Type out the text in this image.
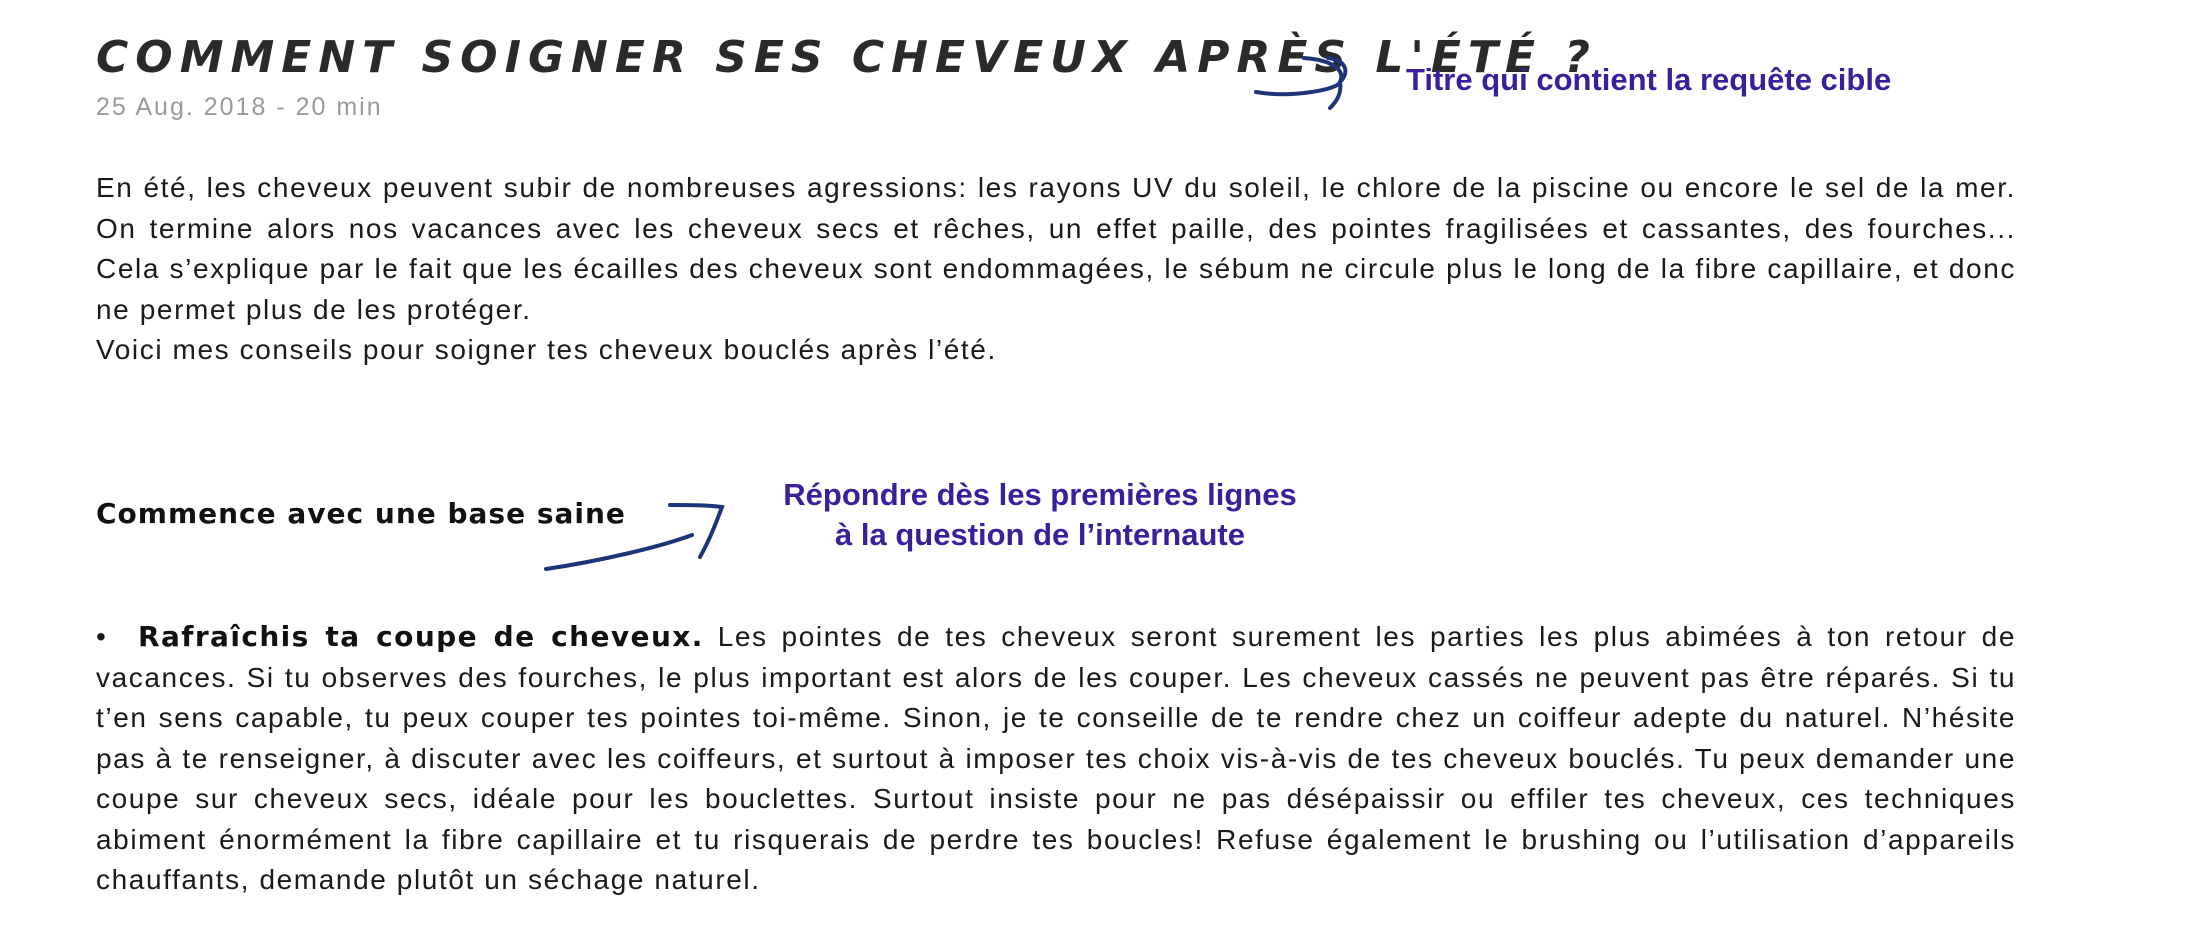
COMMENT SOIGNER SES CHEVEUX APRÈS L'ÉTÉ ?
25 Aug. 2018 - 20 min

En été, les cheveux peuvent subir de nombreuses agressions: les rayons UV du soleil, le chlore de la piscine ou encore le sel de la mer. On termine alors nos vacances avec les cheveux secs et rêches, un effet paille, des pointes fragilisées et cassantes, des fourches... Cela s’explique par le fait que les écailles des cheveux sont endommagées, le sébum ne circule plus le long de la fibre capillaire, et donc ne permet plus de les protéger.

Voici mes conseils pour soigner tes cheveux bouclés après l’été.

Commence avec une base saine
• Rafraîchis ta coupe de cheveux. Les pointes de tes cheveux seront surement les parties les plus abimées à ton retour de vacances. Si tu observes des fourches, le plus important est alors de les couper. Les cheveux cassés ne peuvent pas être réparés. Si tu t’en sens capable, tu peux couper tes pointes toi-même. Sinon, je te conseille de te rendre chez un coiffeur adepte du naturel. N’hésite pas à te renseigner, à discuter avec les coiffeurs, et surtout à imposer tes choix vis-à-vis de tes cheveux bouclés. Tu peux demander une coupe sur cheveux secs, idéale pour les bouclettes. Surtout insiste pour ne pas désépaissir ou effiler tes cheveux, ces techniques abiment énormément la fibre capillaire et tu risquerais de perdre tes boucles! Refuse également le brushing ou l’utilisation d’appareils chauffants, demande plutôt un séchage naturel.
Titre qui contient la requête cible
Répondre dès les premières lignes
à la question de l’internaute
